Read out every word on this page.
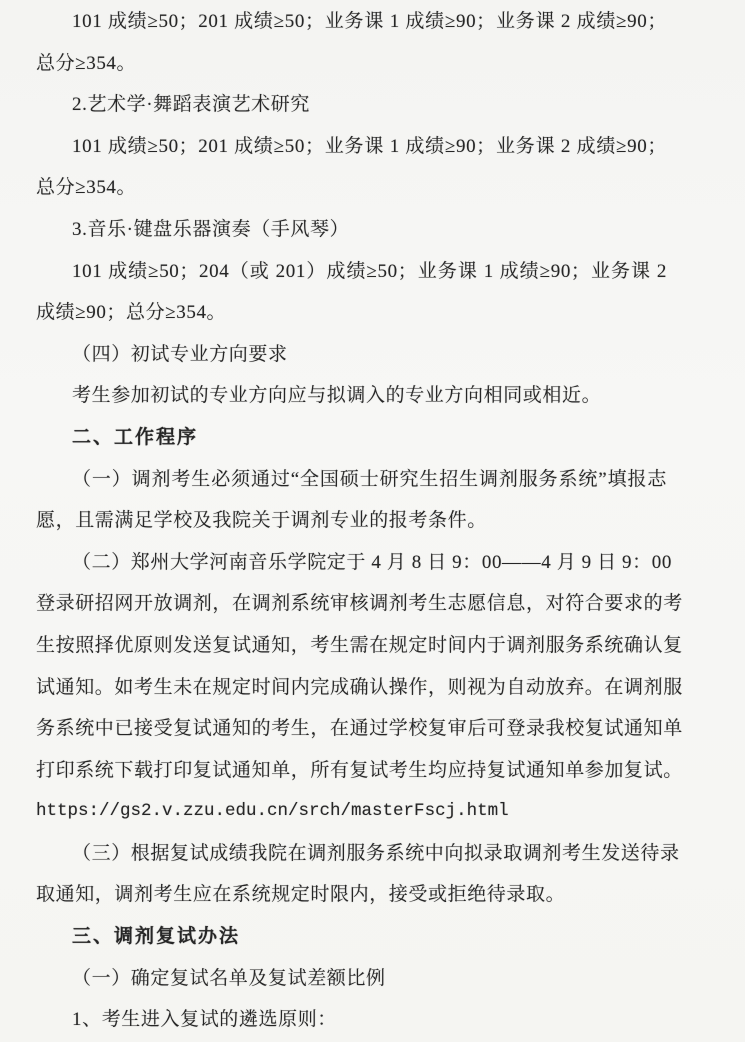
101 成绩≥50；201 成绩≥50；业务课 1 成绩≥90；业务课 2 成绩≥90；
总分≥354。
2.艺术学·舞蹈表演艺术研究
101 成绩≥50；201 成绩≥50；业务课 1 成绩≥90；业务课 2 成绩≥90；
总分≥354。
3.音乐·键盘乐器演奏（手风琴）
101 成绩≥50；204（或 201）成绩≥50；业务课 1 成绩≥90；业务课 2
成绩≥90；总分≥354。
（四）初试专业方向要求
考生参加初试的专业方向应与拟调入的专业方向相同或相近。
二、工作程序
（一）调剂考生必须通过“全国硕士研究生招生调剂服务系统”填报志
愿，且需满足学校及我院关于调剂专业的报考条件。
（二）郑州大学河南音乐学院定于 4 月 8 日 9：00——4 月 9 日 9：00
登录研招网开放调剂，在调剂系统审核调剂考生志愿信息，对符合要求的考
生按照择优原则发送复试通知，考生需在规定时间内于调剂服务系统确认复
试通知。如考生未在规定时间内完成确认操作，则视为自动放弃。在调剂服
务系统中已接受复试通知的考生，在通过学校复审后可登录我校复试通知单
打印系统下载打印复试通知单，所有复试考生均应持复试通知单参加复试。
https://gs2.v.zzu.edu.cn/srch/masterFscj.html
（三）根据复试成绩我院在调剂服务系统中向拟录取调剂考生发送待录
取通知，调剂考生应在系统规定时限内，接受或拒绝待录取。
三、调剂复试办法
（一）确定复试名单及复试差额比例
1、考生进入复试的遴选原则：
